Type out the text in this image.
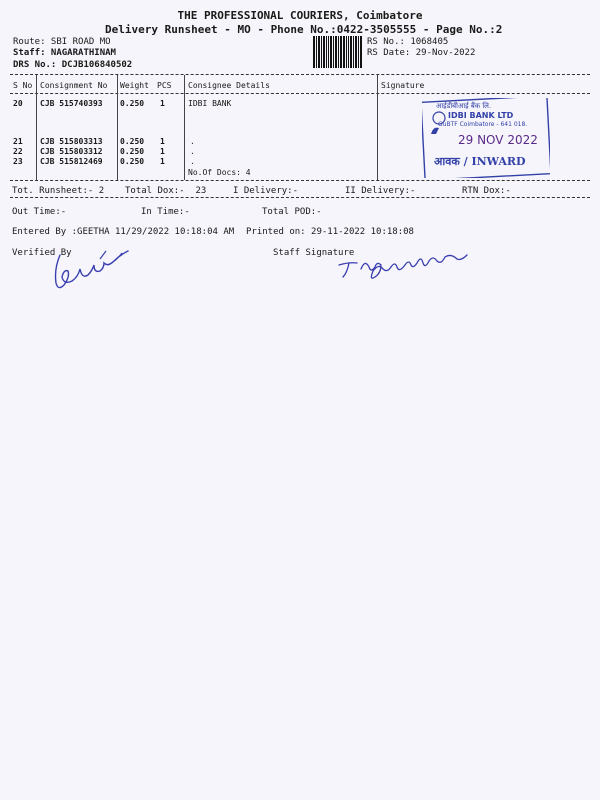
THE PROFESSIONAL COURIERS, Coimbatore
Delivery Runsheet - MO - Phone No.:0422-3505555 - Page No.:2
Route: SBI ROAD MO
Staff: NAGARATHINAM
DRS No.: DCJB106840502
RS No.: 1068405
RS Date: 29-Nov-2022
S No Consignment No Weight PCS Consignee Details	Signature
20 CJB 515740393 0.250 1	IDBI BANK
21 CJB 515803313 0.250 1	.
22 CJB 515803312 0.250 1	.
23 CJB 515812469 0.250 1	.
No.Of Docs: 4
आईडीबीआई बैंक लि.
IDBI BANK LTD
GuBTF Coimbatore - 641 018.
29 NOV 2022
आवक / INWARD
Tot. Runsheet:- 2 Total Dox:-  23	I Delivery:-	II Delivery:-	RTN Dox:-
Out Time:-	In Time:-	Total POD:-
Entered By :GEETHA 11/29/2022 10:18:04 AM Printed on: 29-11-2022 10:18:08
Verified By	Staff Signature
